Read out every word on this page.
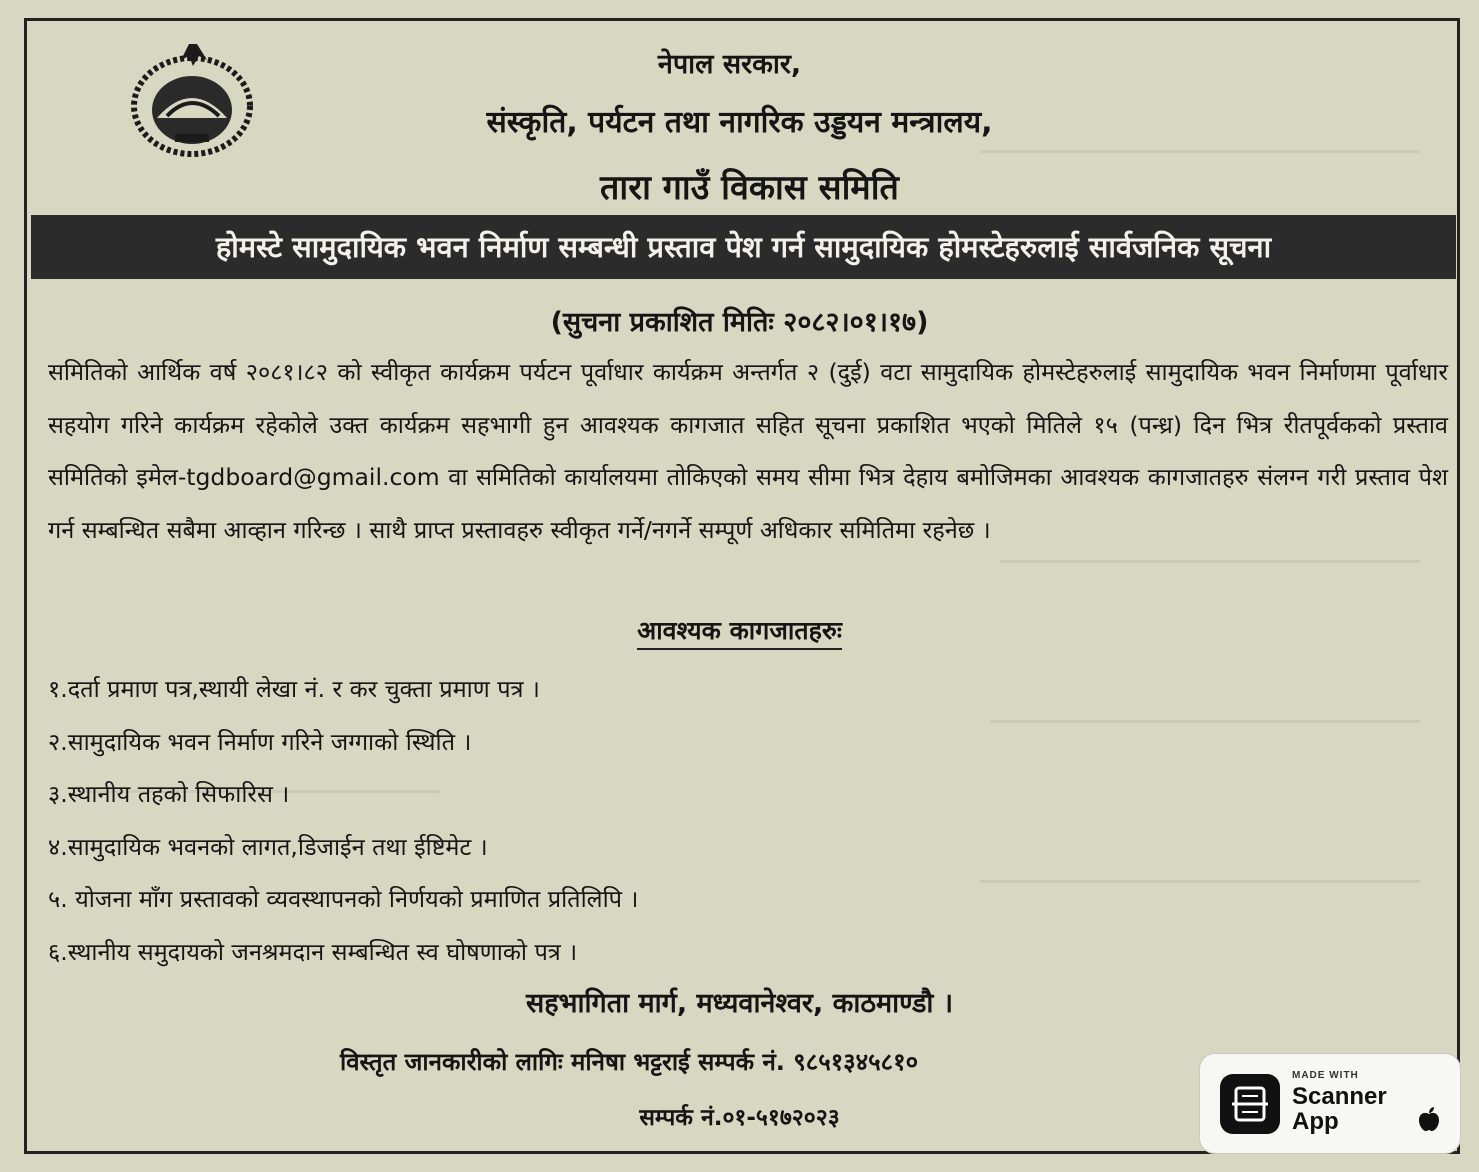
नेपाल सरकार,
संस्कृति, पर्यटन तथा नागरिक उड्डयन मन्त्रालय,
तारा गाउँ विकास समिति
होमस्टे सामुदायिक भवन निर्माण सम्बन्धी प्रस्ताव पेश गर्न सामुदायिक होमस्टेहरुलाई सार्वजनिक सूचना
(सुचना प्रकाशित मितिः २०८२।०१।१७)
समितिको आर्थिक वर्ष २०८१।८२ को स्वीकृत कार्यक्रम पर्यटन पूर्वाधार कार्यक्रम अन्तर्गत २ (दुई) वटा सामुदायिक होमस्टेहरुलाई सामुदायिक भवन निर्माणमा पूर्वाधार सहयोग गरिने कार्यक्रम रहेकोले उक्त कार्यक्रम सहभागी हुन आवश्यक कागजात सहित सूचना प्रकाशित भएको मितिले १५ (पन्ध्र) दिन भित्र रीतपूर्वकको प्रस्ताव समितिको इमेल-tgdboard@gmail.com वा समितिको कार्यालयमा तोकिएको समय सीमा भित्र देहाय बमोजिमका आवश्यक कागजातहरु संलग्न गरी प्रस्ताव पेश गर्न सम्बन्धित सबैमा आव्हान गरिन्छ । साथै प्राप्त प्रस्तावहरु स्वीकृत गर्ने/नगर्ने सम्पूर्ण अधिकार समितिमा रहनेछ ।
आवश्यक कागजातहरुः
१.दर्ता प्रमाण पत्र,स्थायी लेखा नं. र कर चुक्ता प्रमाण पत्र ।
२.सामुदायिक भवन निर्माण गरिने जग्गाको स्थिति ।
३.स्थानीय तहको सिफारिस ।
४.सामुदायिक भवनको लागत,डिजाईन तथा ईष्टिमेट ।
५. योजना माँग प्रस्तावको व्यवस्थापनको निर्णयको प्रमाणित प्रतिलिपि ।
६.स्थानीय समुदायको जनश्रमदान सम्बन्धित स्व घोषणाको पत्र ।
सहभागिता मार्ग, मध्यवानेश्वर, काठमाण्डौ ।
विस्तृत जानकारीको लागिः मनिषा भट्टराई सम्पर्क नं. ९८५१३४५८१०
सम्पर्क नं.०१-५१७२०२३
MADE WITH
Scanner
App
